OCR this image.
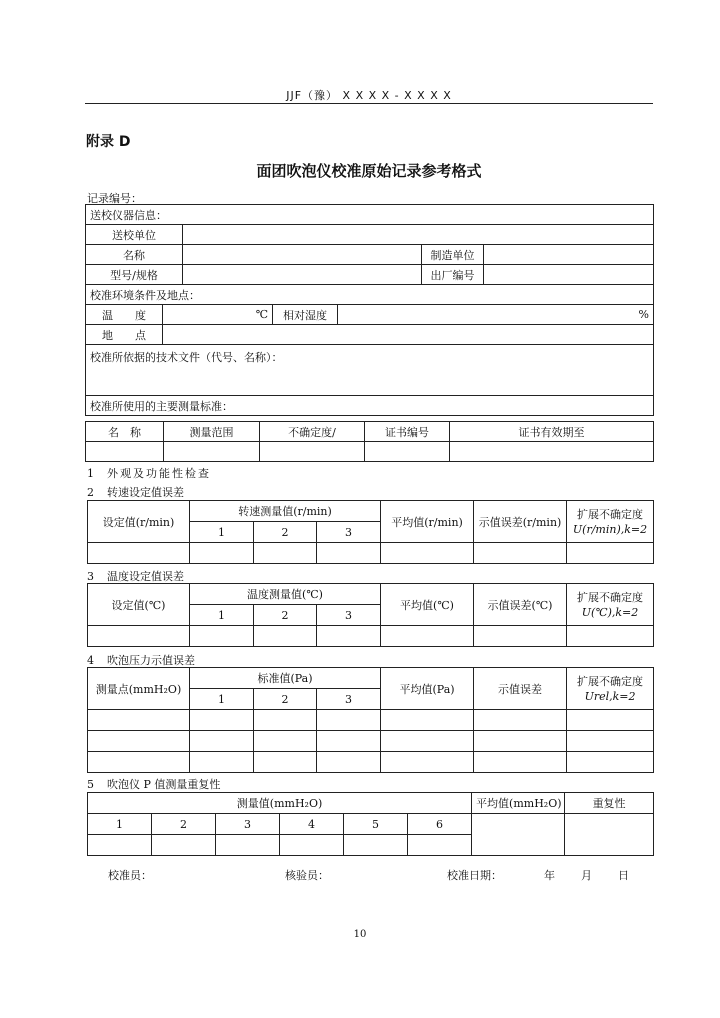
JJF（豫） X X X X - X X X X
附录 D
面团吹泡仪校准原始记录参考格式
记录编号：
送校仪器信息：						
送校单位						
名称					制造单位	
型号/规格					出厂编号	
校准环境条件及地点：						
温　　度	℃		相对湿度	%		
地　　点						
校准所依据的技术文件（代号、名称）：						
校准所使用的主要测量标准：						
名　称	测量范围	不确定度/	证书编号	证书有效期至

1 外观及功能性检查
2 转速设定值误差
设定值(r/min)	转速测量值(r/min)			平均值(r/min)	示值误差(r/min)	扩展不确定度
U(r/min),k=2
	1	2	3			

3 温度设定值误差
设定值(℃)	温度测量值(℃)			平均值(℃)	示值误差(℃)	扩展不确定度
U(℃),k=2
	1	2	3			

4 吹泡压力示值误差
测量点(mmH₂O)	标准值(Pa)			平均值(Pa)	示值误差	扩展不确定度
Urel,k=2
	1	2	3			

5 吹泡仪 P 值测量重复性
测量值(mmH₂O)						平均值(mmH₂O)	重复性
1	2	3	4	5	6		

校准员：	核验员：	校准日期：	年 月 日
10
